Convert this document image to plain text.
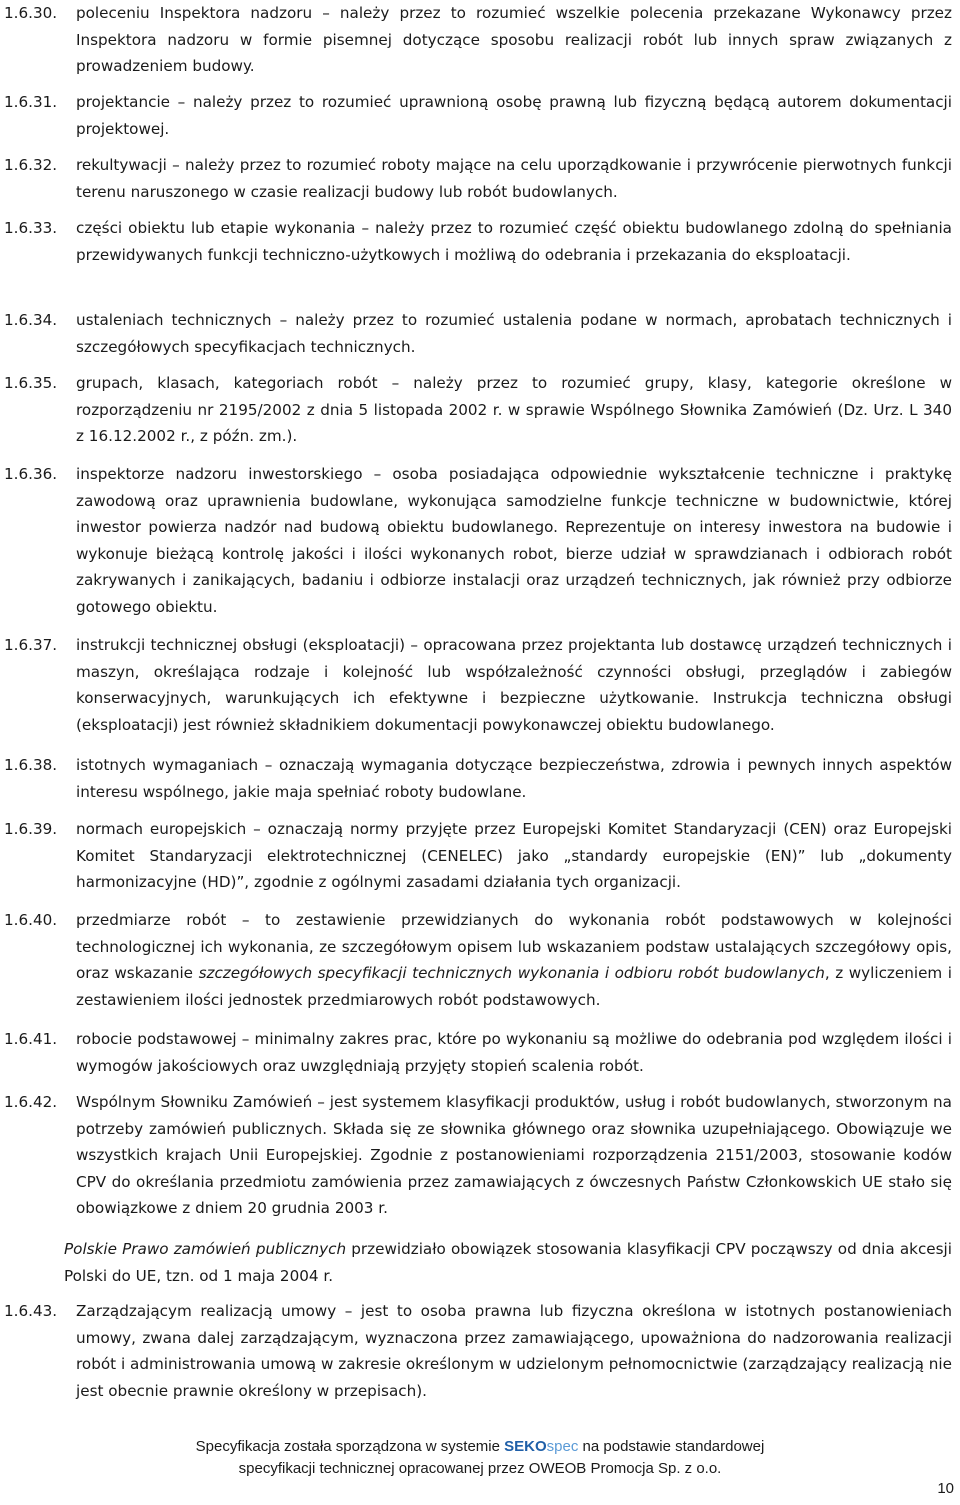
1.6.30.	poleceniu Inspektora nadzoru – należy przez to rozumieć wszelkie polecenia przekazane Wykonawcy przez Inspektora nadzoru w formie pisemnej dotyczące sposobu realizacji robót lub innych spraw związanych z prowadzeniem budowy.
1.6.31.	projektancie – należy przez to rozumieć uprawnioną osobę prawną lub fizyczną będącą autorem dokumentacji projektowej.
1.6.32.	rekultywacji – należy przez to rozumieć roboty mające na celu uporządkowanie i przywrócenie pierwotnych funkcji terenu naruszonego w czasie realizacji budowy lub robót budowlanych.
1.6.33.	części obiektu lub etapie wykonania – należy przez to rozumieć część obiektu budowlanego zdolną do spełniania przewidywanych funkcji techniczno-użytkowych i możliwą do odebrania i przekazania do eksploatacji.
1.6.34.	ustaleniach technicznych – należy przez to rozumieć ustalenia podane w normach, aprobatach technicznych i szczegółowych specyfikacjach technicznych.
1.6.35.	grupach, klasach, kategoriach robót – należy przez to rozumieć grupy, klasy, kategorie określone w rozporządzeniu nr 2195/2002 z dnia 5 listopada 2002 r. w sprawie Wspólnego Słownika Zamówień (Dz. Urz. L 340 z 16.12.2002 r., z późn. zm.).
1.6.36.	inspektorze nadzoru inwestorskiego – osoba posiadająca odpowiednie wykształcenie techniczne i praktykę zawodową oraz uprawnienia budowlane, wykonująca samodzielne funkcje techniczne w budownictwie, której inwestor powierza nadzór nad budową obiektu budowlanego. Reprezentuje on interesy inwestora na budowie i wykonuje bieżącą kontrolę jakości i ilości wykonanych robot, bierze udział w sprawdzianach i odbiorach robót zakrywanych i zanikających, badaniu i odbiorze instalacji oraz urządzeń technicznych, jak również przy odbiorze gotowego obiektu.
1.6.37.	instrukcji technicznej obsługi (eksploatacji) – opracowana przez projektanta lub dostawcę urządzeń technicznych i maszyn, określająca rodzaje i kolejność lub współzależność czynności obsługi, przeglądów i zabiegów konserwacyjnych, warunkujących ich efektywne i bezpieczne użytkowanie. Instrukcja techniczna obsługi (eksploatacji) jest również składnikiem dokumentacji powykonawczej obiektu budowlanego.
1.6.38.	istotnych wymaganiach – oznaczają wymagania dotyczące bezpieczeństwa, zdrowia i pewnych innych aspektów interesu wspólnego, jakie maja spełniać roboty budowlane.
1.6.39.	normach europejskich – oznaczają normy przyjęte przez Europejski Komitet Standaryzacji (CEN) oraz Europejski Komitet Standaryzacji elektrotechnicznej (CENELEC) jako „standardy europejskie (EN)” lub „dokumenty harmonizacyjne (HD)”, zgodnie z ogólnymi zasadami działania tych organizacji.
1.6.40.	przedmiarze robót – to zestawienie przewidzianych do wykonania robót podstawowych w kolejności technologicznej ich wykonania, ze szczegółowym opisem lub wskazaniem podstaw ustalających szczegółowy opis, oraz wskazanie szczegółowych specyfikacji technicznych wykonania i odbioru robót budowlanych, z wyliczeniem i zestawieniem ilości jednostek przedmiarowych robót podstawowych.
1.6.41.	robocie podstawowej – minimalny zakres prac, które po wykonaniu są możliwe do odebrania pod względem ilości i wymogów jakościowych oraz uwzględniają przyjęty stopień scalenia robót.
1.6.42.	Wspólnym Słowniku Zamówień – jest systemem klasyfikacji produktów, usług i robót budowlanych, stworzonym na potrzeby zamówień publicznych. Składa się ze słownika głównego oraz słownika uzupełniającego. Obowiązuje we wszystkich krajach Unii Europejskiej. Zgodnie z postanowieniami rozporządzenia 2151/2003, stosowanie kodów CPV do określania przedmiotu zamówienia przez zamawiających z ówczesnych Państw Członkowskich UE stało się obowiązkowe z dniem 20 grudnia 2003 r.
Polskie Prawo zamówień publicznych przewidziało obowiązek stosowania klasyfikacji CPV począwszy od dnia akcesji Polski do UE, tzn. od 1 maja 2004 r.
1.6.43.	Zarządzającym realizacją umowy – jest to osoba prawna lub fizyczna określona w istotnych postanowieniach umowy, zwana dalej zarządzającym, wyznaczona przez zamawiającego, upoważniona do nadzorowania realizacji robót i administrowania umową w zakresie określonym w udzielonym pełnomocnictwie (zarządzający realizacją nie jest obecnie prawnie określony w przepisach).
Specyfikacja została sporządzona w systemie SEKOspec na podstawie standardowej
specyfikacji technicznej opracowanej przez OWEOB Promocja Sp. z o.o.
10
